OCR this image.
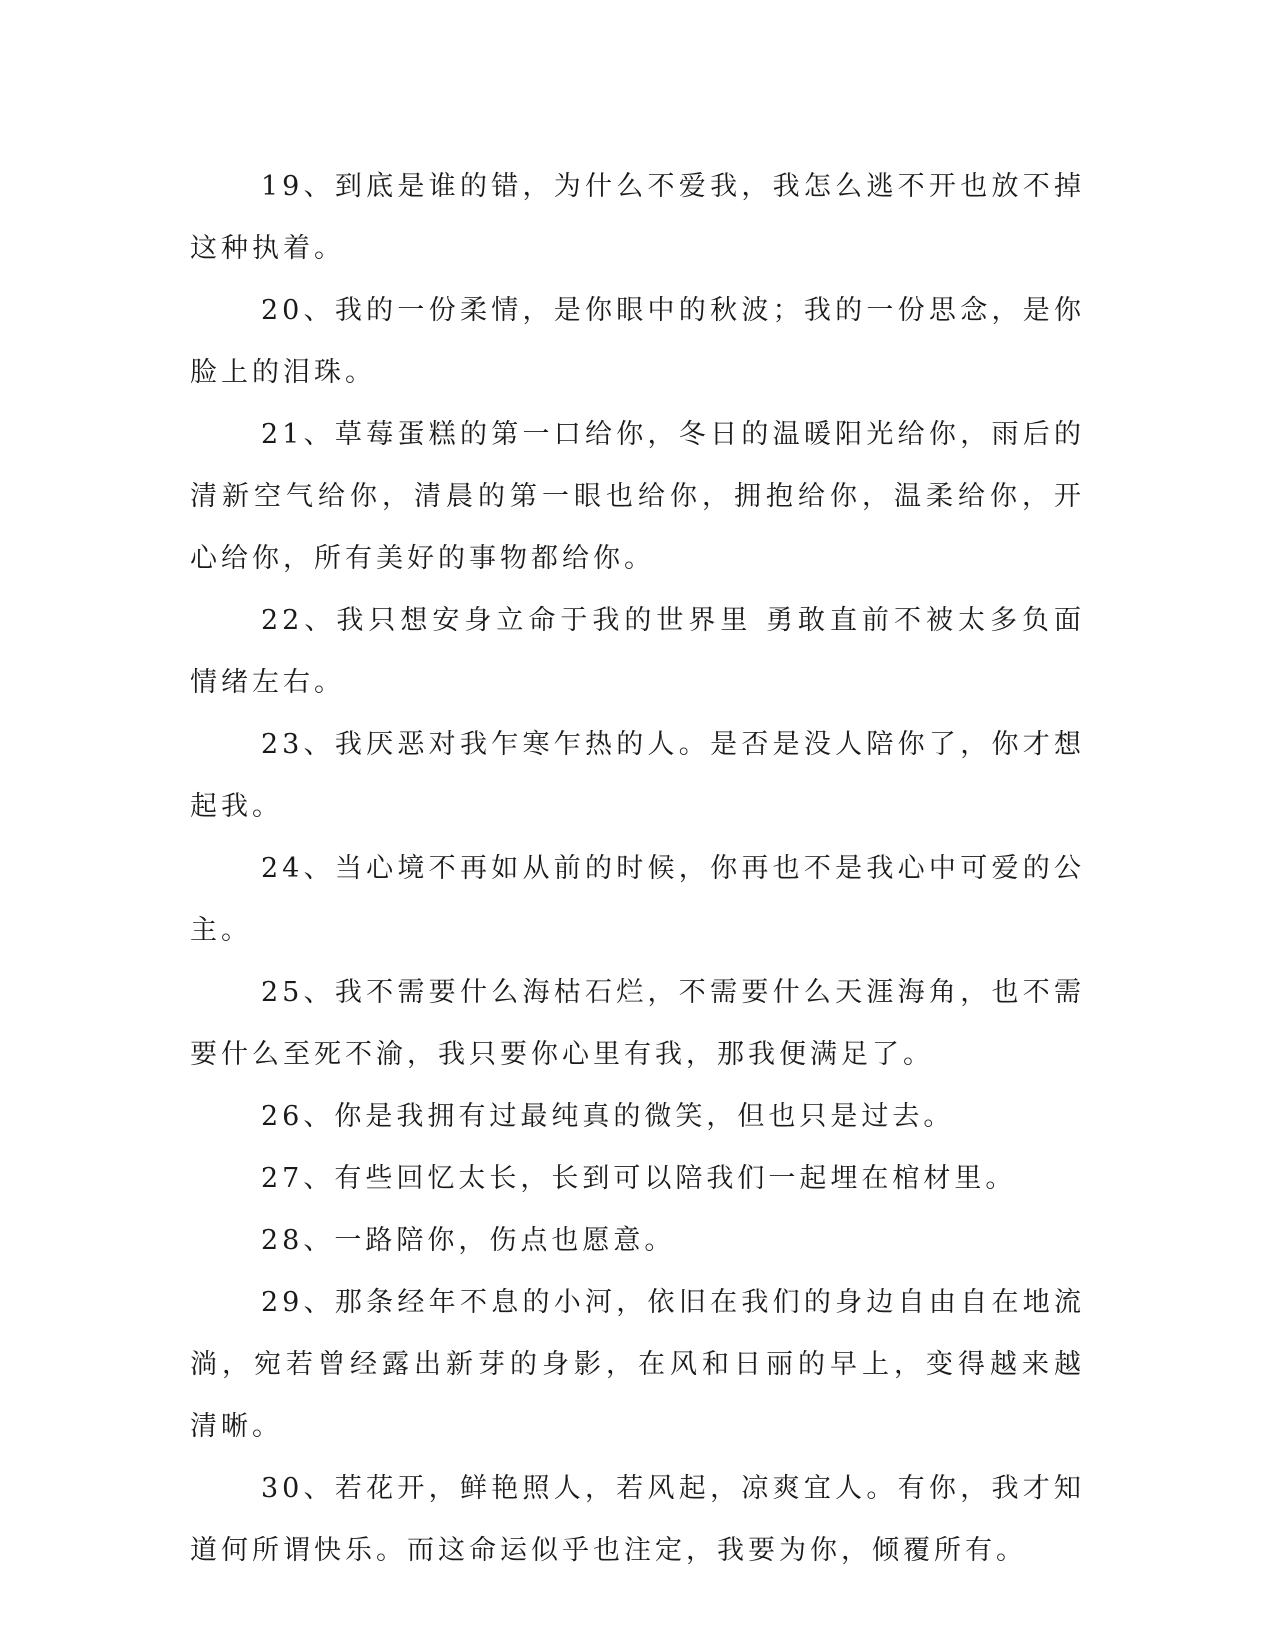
19、到底是谁的错，为什么不爱我，我怎么逃不开也放不掉这种执着。

20、我的一份柔情，是你眼中的秋波；我的一份思念，是你脸上的泪珠。

21、草莓蛋糕的第一口给你，冬日的温暖阳光给你，雨后的清新空气给你，清晨的第一眼也给你，拥抱给你，温柔给你，开心给你，所有美好的事物都给你。

22、我只想安身立命于我的世界里 勇敢直前不被太多负面情绪左右。

23、我厌恶对我乍寒乍热的人。是否是没人陪你了，你才想起我。

24、当心境不再如从前的时候，你再也不是我心中可爱的公主。

25、我不需要什么海枯石烂，不需要什么天涯海角，也不需要什么至死不渝，我只要你心里有我，那我便满足了。

26、你是我拥有过最纯真的微笑，但也只是过去。

27、有些回忆太长，长到可以陪我们一起埋在棺材里。

28、一路陪你，伤点也愿意。

29、那条经年不息的小河，依旧在我们的身边自由自在地流淌，宛若曾经露出新芽的身影，在风和日丽的早上，变得越来越清晰。

30、若花开，鲜艳照人，若风起，凉爽宜人。有你，我才知道何所谓快乐。而这命运似乎也注定，我要为你，倾覆所有。
